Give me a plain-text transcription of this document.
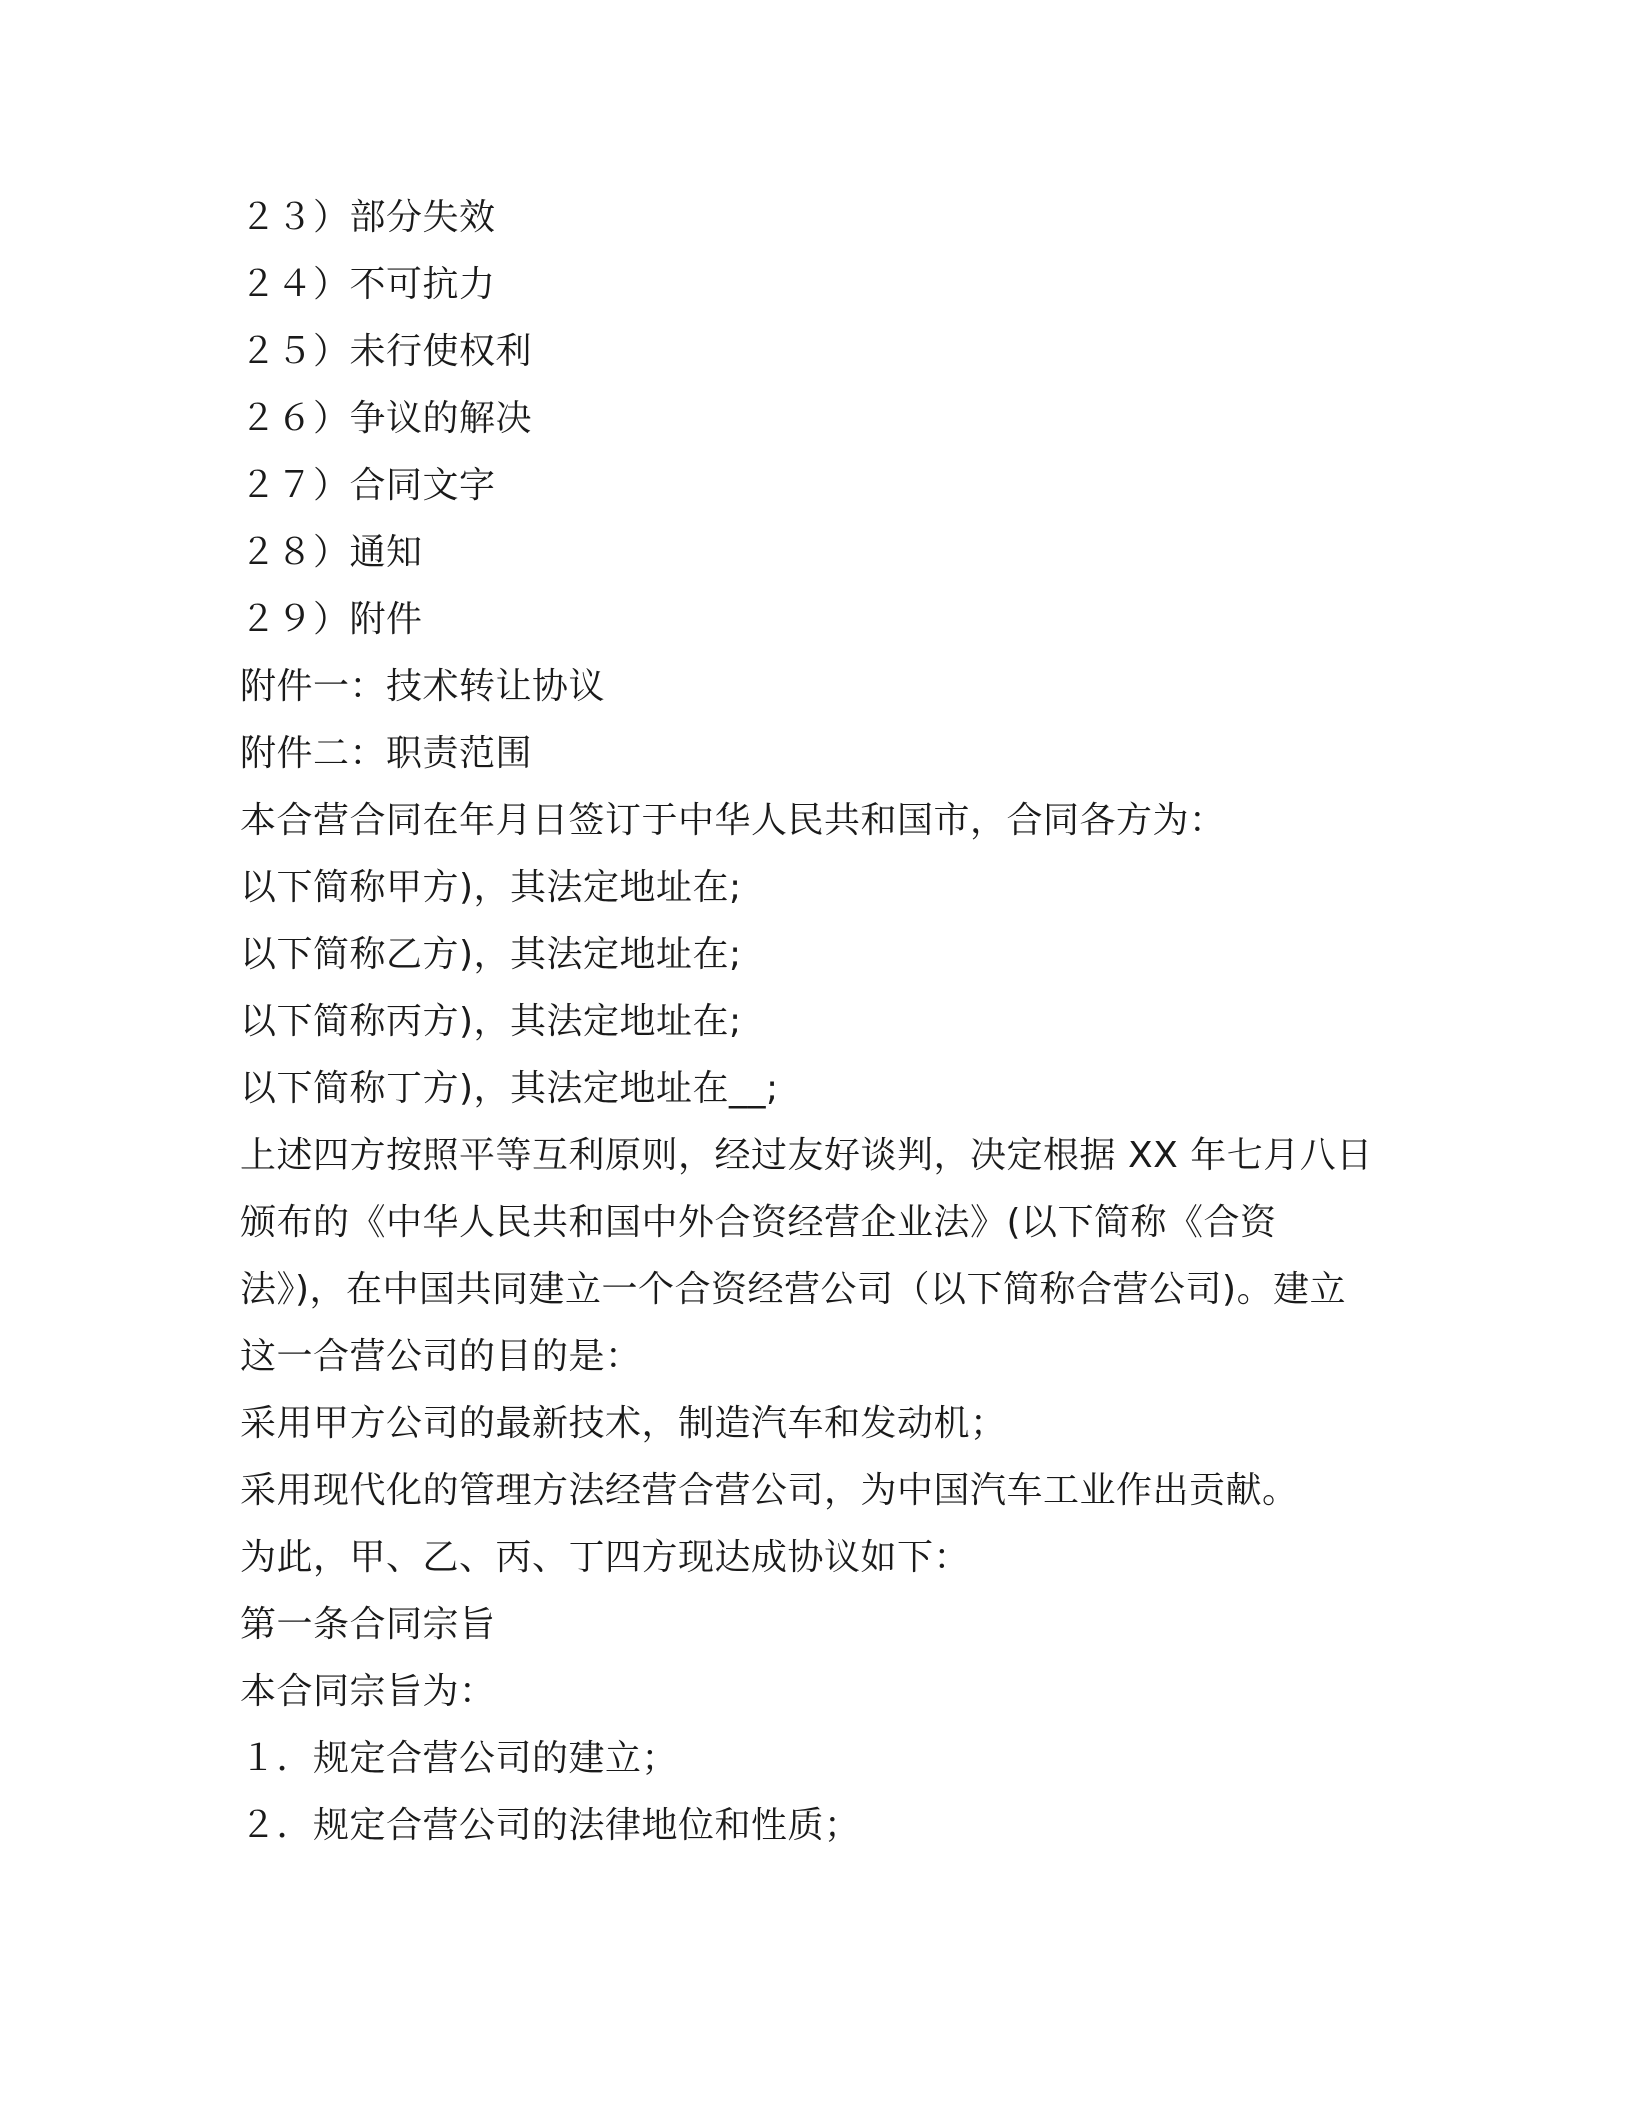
２３）部分失效
２４）不可抗力
２５）未行使权利
２６）争议的解决
２７）合同文字
２８）通知
２９）附件
附件一：技术转让协议
附件二：职责范围
本合营合同在年月日签订于中华人民共和国市，合同各方为：
以下简称甲方)，其法定地址在;
以下简称乙方)，其法定地址在;
以下简称丙方)，其法定地址在;
以下简称丁方)，其法定地址在__;
上述四方按照平等互利原则，经过友好谈判，决定根据 XX 年七月八日颁布的《中华人民共和国中外合资经营企业法》(以下简称《合资法》)，在中国共同建立一个合资经营公司（以下简称合营公司)。建立这一合营公司的目的是：
采用甲方公司的最新技术，制造汽车和发动机；
采用现代化的管理方法经营合营公司，为中国汽车工业作出贡献。
为此，甲、乙、丙、丁四方现达成协议如下：
第一条合同宗旨
本合同宗旨为：
１．规定合营公司的建立；
２．规定合营公司的法律地位和性质；
